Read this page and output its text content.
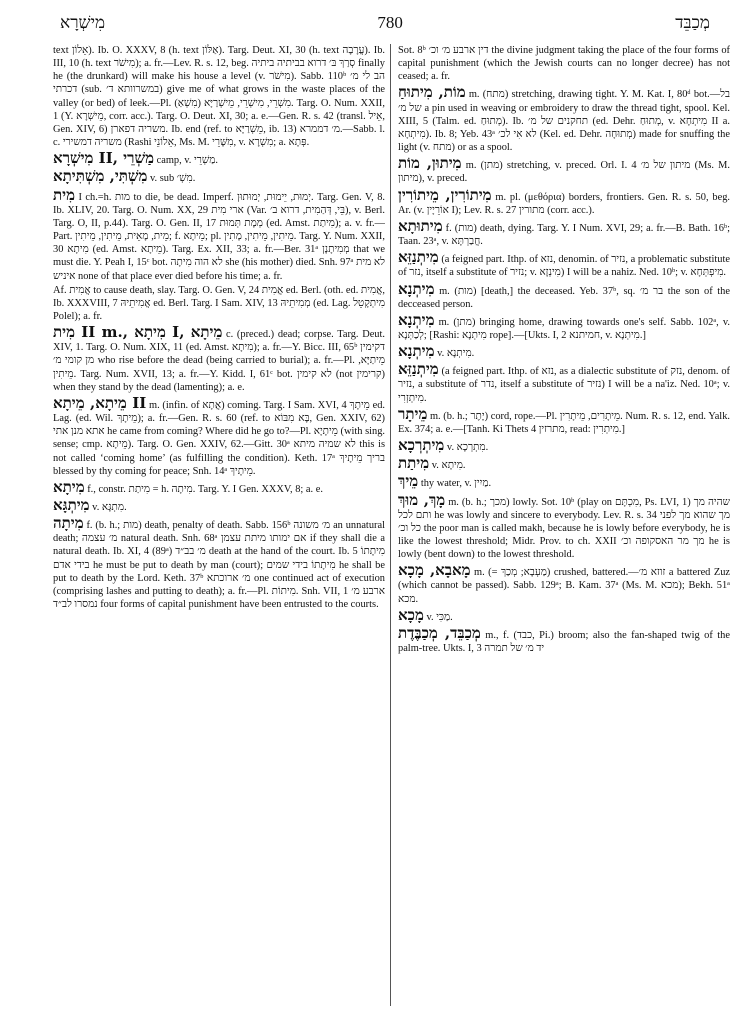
מִישְׁרָא	780	מְכַבֵּד

text אֵלוֹן). Ib. O. XXXV, 8 (h. text אַלּוֹן). Targ. Deut. XI, 30 (h. text עֲרָבָה). Ib. III, 10 (h. text מִישֹׁר); a. fr.—Lev. R. s. 12, beg. סְרַךְ בּ׳ דרוא בביתיה ביתיה finally he (the drunkard) will make his house a level (v. מִישֹׁר). Sabb. 110ᵇ הב לי מ׳ דכרתי (sub. במשרוותא ד׳) give me of what grows in the waste places of the valley (or bed) of leek.—Pl. מִשְׁרֵי, מִישְׁרֵי, מֵישְׁרַיָּא (מִשְׁאַ). Targ. O. Num. XXII, 1 (Y. מֵישְׁרָא, corr. acc.). Targ. O. Deut. XI, 30; a. e.—Gen. R. s. 42 (transl. אֵיל, Gen. XIV, 6) משריה דפארן. Ib. end (ref. to מֵשְׁרַיָּא, ib. 13) מ׳ דממרא.—Sabb. l. c. משריה דמשירי (Rashi אֵלוֹנֵי, Ms. M. מִשָּׁרֵי, v. מִשְׁרָא; a. פְּתָא.

מִישְׁרָא II, מַשְׁרֵי camp, v. מַשְׁרֵי.

מִשְׁתִּי, מִשְׁתִּיתָא v. sub מִשְׁ׳.

מִית I ch.=h. מות to die, be dead. Imperf. יְמוּת, יֵימוּת, יְמוּתוּן. Targ. Gen. V, 8. Ib. XLIV, 20. Targ. O. Num. XX, 29 ארי מִית (Var. בֵּי, דְּהַמִית, דרוא ב׳), v. Berl. Targ. O, II, p.44). Targ. O. Gen. II, 17 מְמָת תְּמוּת (ed. Amst. מִיתַת); a. v. fr.—Part. מֵית, מָאֵית, מֵיתִין, מֵיתִין; f. מֵיתָא; pl. מֵיתִין, מֵיתִין, מָתִין. Targ. Y. Num. XXII, 30 מִיתָא (ed. Amst. מֵיתָא). Targ. Ex. XII, 33; a. fr.—Ber. 31ᵃ מְמִיתָנָן that we must die. Y. Peah I, 15ᶜ bot. לא הוה מִיתָה she (his mother) died. Snh. 97ᵃ לא מית איניש none of that place ever died before his time; a. fr.

Af. אֲמִית to cause death, slay. Targ. O. Gen. V, 24 אֲמִית ed. Berl. (oth. ed. אֲמִית, Ib. XXXVIII, 7 אֲמִיתֵיהּ ed. Berl. Targ. I Sam. XIV, 13 מְמִיתֵיהּ (ed. Lag. מִיתְקָטֵל Polel); a. fr.

מִית II m., מִיתָא I, מֵיתָא c. (preced.) dead; corpse. Targ. Deut. XIV, 1. Targ. O. Num. XIX, 11 (ed. Amst. מִיתָא); a. fr.—Y. Bicc. III, 65ᵇ דקימין מן קומי מ׳ who rise before the dead (being carried to burial); a. fr.—Pl. מֵיתַיָּא, מֵיתִין. Targ. Num. XVII, 13; a. fr.—Y. Kidd. I, 61ᶜ bot. לא קימין (not קרימין) when they stand by the dead (lamenting); a. e.

מֵיתָא, מֵיתָא II m. (infin. of אֲתָא) coming. Targ. I Sam. XVI, 4 מֵיתָךְ ed. Lag. (ed. Wil. מֵיתָךְ); a. fr.—Gen. R. s. 60 (ref. to בָּא מִבּוֹא, Gen. XXIV, 62) אתא מנן אתי he came from coming? Where did he go to?—Pl. מֵיתָיָא (with sing. sense; cmp. מֵיתָא). Targ. O. Gen. XXIV, 62.—Gitt. 30ᵃ לא שמיה מיתא this is not called ‘coming home’ (as fulfilling the condition). Keth. 17ᵃ בריך מֵיתָיךְ blessed by thy coming for peace; Snh. 14ᵃ מֵיתָיךְ.

מִיתָא f., constr. מִיתַת = h. מִיתָה. Targ. Y. I Gen. XXXV, 8; a. e.

מִיתְגָּא v. מִתְגָּא.

מִיתָה f. (b. h.; מות) death, penalty of death. Sabb. 156ᵇ מ׳ משונה an unnatural death; מ׳ עצמה natural death. Snh. 68ᵃ אם ימותו מיתת עצמן if they shall die a natural death. Ib. XI, 4 (89ᵃ) מ׳ בב״ד death at the hand of the court. Ib. 5 מִיתָתוֹ בידי אדם he must be put to death by man (court); מִיתָתוֹ בידי שמים he shall be put to death by the Lord. Keth. 37ᵇ מ׳ ארוכתא one continued act of execution (comprising lashes and putting to death); a. fr.—Pl. מִיתוֹת. Snh. VII, 1 ארבע מ׳ נמסרו לב״ד four forms of capital punishment have been entrusted to the courts.

Sot. 8ᵇ דין ארבע מ׳ וכ׳ the divine judgment taking the place of the four forms of capital punishment (which the Jewish courts can no longer decree) has not ceased; a. fr.

מוֹת, מִיתוּחַ m. (מתח) stretching, drawing tight. Y. M. Kat. I, 80ᵈ bot.—בל של מ׳ a pin used in weaving or embroidery to draw the thread tight, spool. Kel. XIII, 5 (Talm. ed. מְתוּחַ). Ib. תחקנים של מ׳ (ed. Dehr. מְתוּחַ, v. מִיתְחָא II a. מִיתְחָא). Ib. 8; Yeb. 43ᵃ לא אִי לכ׳ (Kel. ed. Dehr. מְתוּחָה) made for snuffing the light (v. מתח) or as a spool.

מִיתוּן, מוֹת m. (מתן) stretching, v. preced. Orl. I. 4 מיתון של מ׳ (Ms. M. מיתון), v. preced.

מִיתוֹרִין, מֵיתוֹרִין m. pl. (μεθόρια) borders, frontiers. Gen. R. s. 50, beg. Ar. (v. אוֹרֵיָין I); Lev. R. s. 27 מתורין (corr. acc.).

מִיתוּתָא f. (מות) death, dying. Targ. Y. I Num. XVI, 29; a. fr.—B. Bath. 16ᵇ; Taan. 23ᵃ, v. חֲבַרְתָּא.

מִיתְנַזֵּא (a feigned part. Ithp. of נזא, denomin. of נזיר, a problematic substitute of נזר, itself a substitute of נזיר; v. מִינְזָא) I will be a nahiz. Ned. 10ᵇ; v. מִיפְתְּחָא.

מִיתְנָא m. (מות) [death,] the deceased. Yeb. 37ᵇ, sq. בר מ׳ the son of the decceased person.

מִיתְנָא m. (מתן) bringing home, drawing towards one's self. Sabb. 102ᵃ, v. לְכַתְּנָא; [Rashi: מִיתְנָא rope].—[Ukts. I, 2 חמיתנא, v. מִיתְנָא.]

מִיתְנָא v. מִיתְנָא.

מִיתְנַזֵּא (a feigned part. Ithp. of נזא, as a dialectic substitute of נזק, denom. of נזיר, a substitute of נדר, itself a substitute of נזיר) I will be a na'iz. Ned. 10ᵃ; v. מִיתְזְרִי.

מֵיתָר m. (b. h.; יֶתֶר) cord, rope.—Pl. מֵיתָרִים, מֵיתָרִין. Num. R. s. 12, end. Yalk. Ex. 374; a. e.—[Tanh. Ki Thets 4 מתרזין, read: מִיתְרִין.]

מִיתְרְכָא v. מִתְרְכָא.

מִיתַת v. מִיתָא.

מֵיךְ thy water, v. מַיִין.

מָךְ, מוּךְ m. (b. h.; מכך) lowly. Sot. 10ᵇ (play on מִכְתָּם, Ps. LVI, 1) שהיה מך ותם לכל he was lowly and sincere to everybody. Lev. R. s. 34 מך שהוא מך לפני כל וכ׳ the poor man is called makh, because he is lowly before everybody, he is like the lowest threshold; Midr. Prov. to ch. XXII מך מר האסקופה וכ׳ he is lowly (bent down) to the lowest threshold.

מָאבָא, מָכָא m. (= מַעְבָא; מְכַךְ) crushed, battered.—זוזא מ׳ a battered Zuz (which cannot be passed). Sabb. 129ᵃ; B. Kam. 37ᵃ (Ms. M. מכא); Bekh. 51ᵃ מכא.

מָכָא v. מַכִּי.

מְכַבֵּד, מְכַבֶּדֶת m., f. (כבד, Pi.) broom; also the fan-shaped twig of the palm-tree. Ukts. I, 3 יד מ׳ של תמרה
